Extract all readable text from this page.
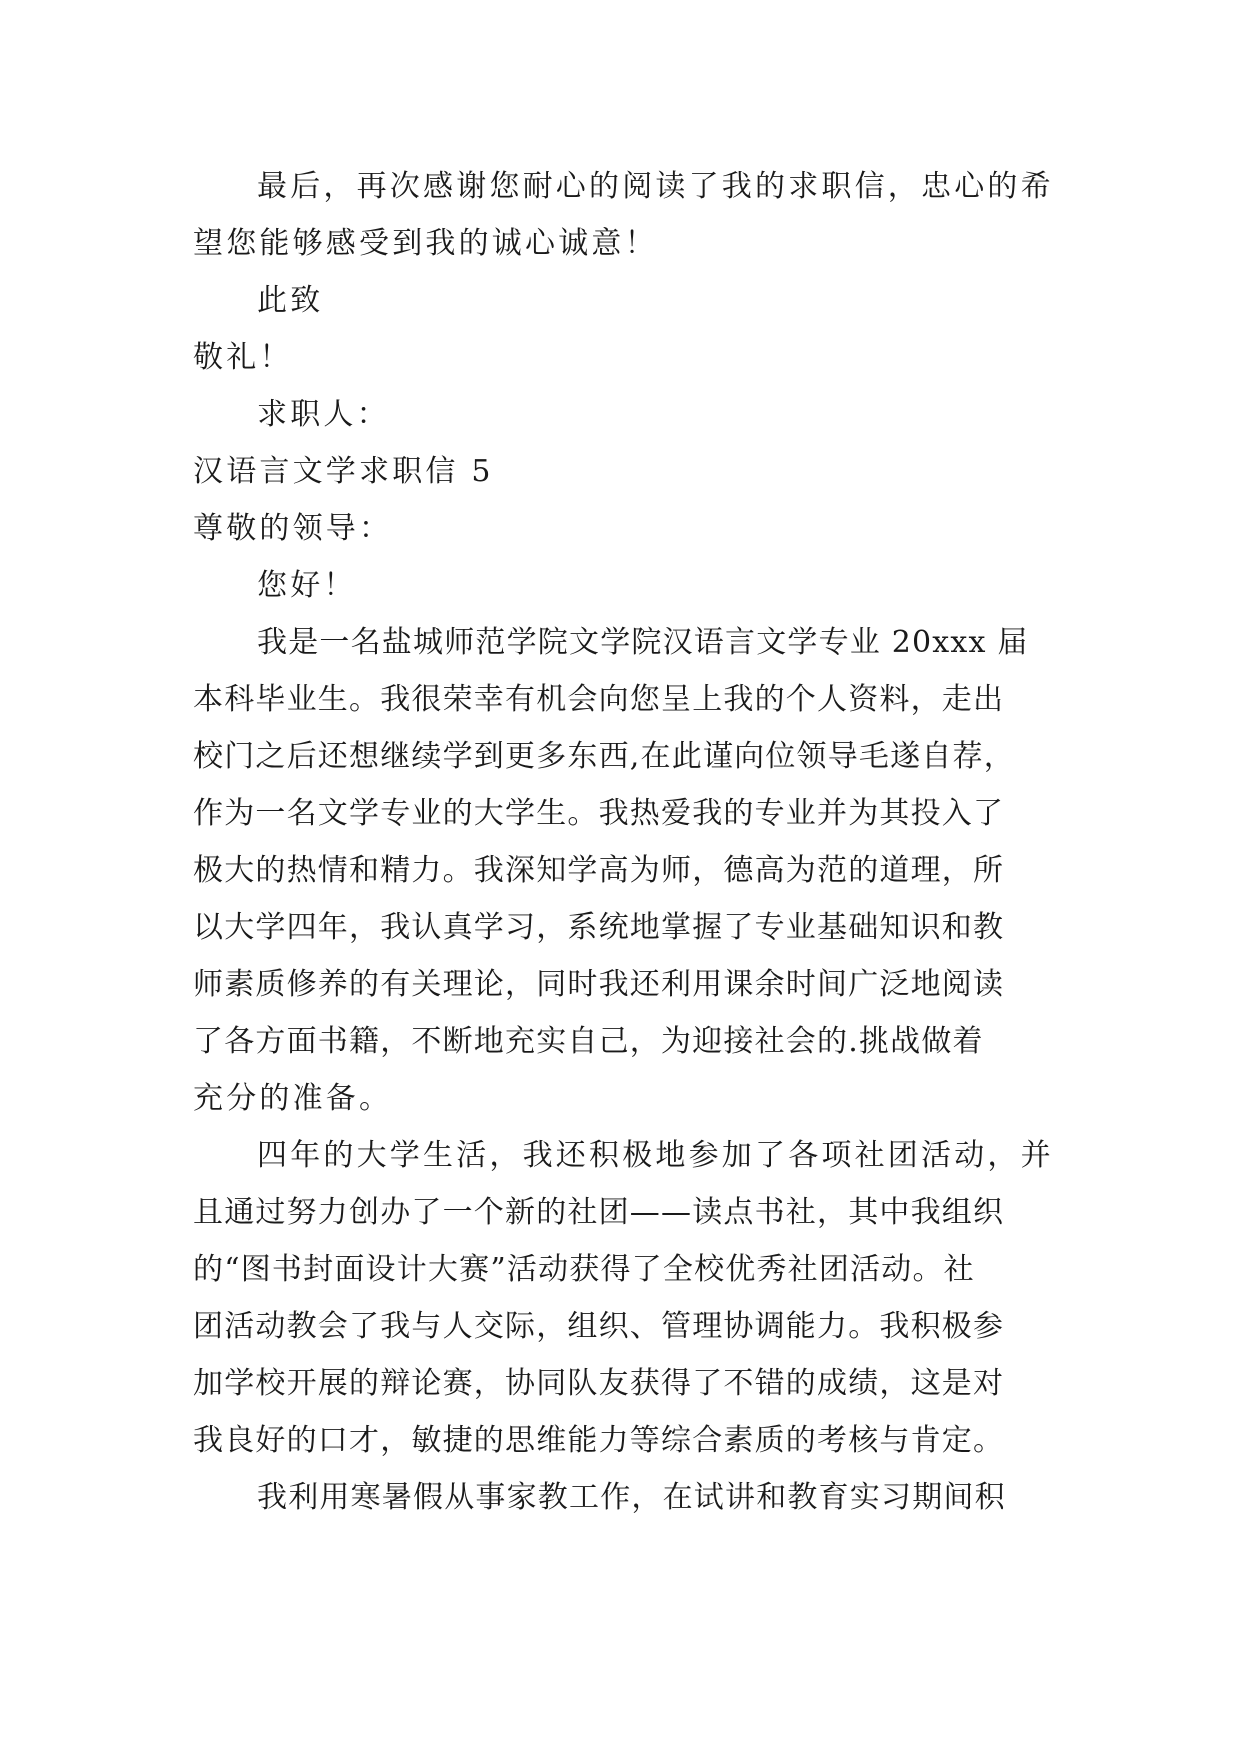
最后，再次感谢您耐心的阅读了我的求职信，忠心的希
望您能够感受到我的诚心诚意！
此致
敬礼！
求职人：
汉语言文学求职信 5
尊敬的领导：
您好！
我是一名盐城师范学院文学院汉语言文学专业 20xxx 届
本科毕业生。我很荣幸有机会向您呈上我的个人资料，走出
校门之后还想继续学到更多东西,在此谨向位领导毛遂自荐，
作为一名文学专业的大学生。我热爱我的专业并为其投入了
极大的热情和精力。我深知学高为师，德高为范的道理，所
以大学四年，我认真学习，系统地掌握了专业基础知识和教
师素质修养的有关理论，同时我还利用课余时间广泛地阅读
了各方面书籍，不断地充实自己，为迎接社会的.挑战做着
充分的准备。
四年的大学生活，我还积极地参加了各项社团活动，并
且通过努力创办了一个新的社团——读点书社，其中我组织
的“图书封面设计大赛”活动获得了全校优秀社团活动。社
团活动教会了我与人交际，组织、管理协调能力。我积极参
加学校开展的辩论赛，协同队友获得了不错的成绩，这是对
我良好的口才，敏捷的思维能力等综合素质的考核与肯定。
我利用寒暑假从事家教工作，在试讲和教育实习期间积
